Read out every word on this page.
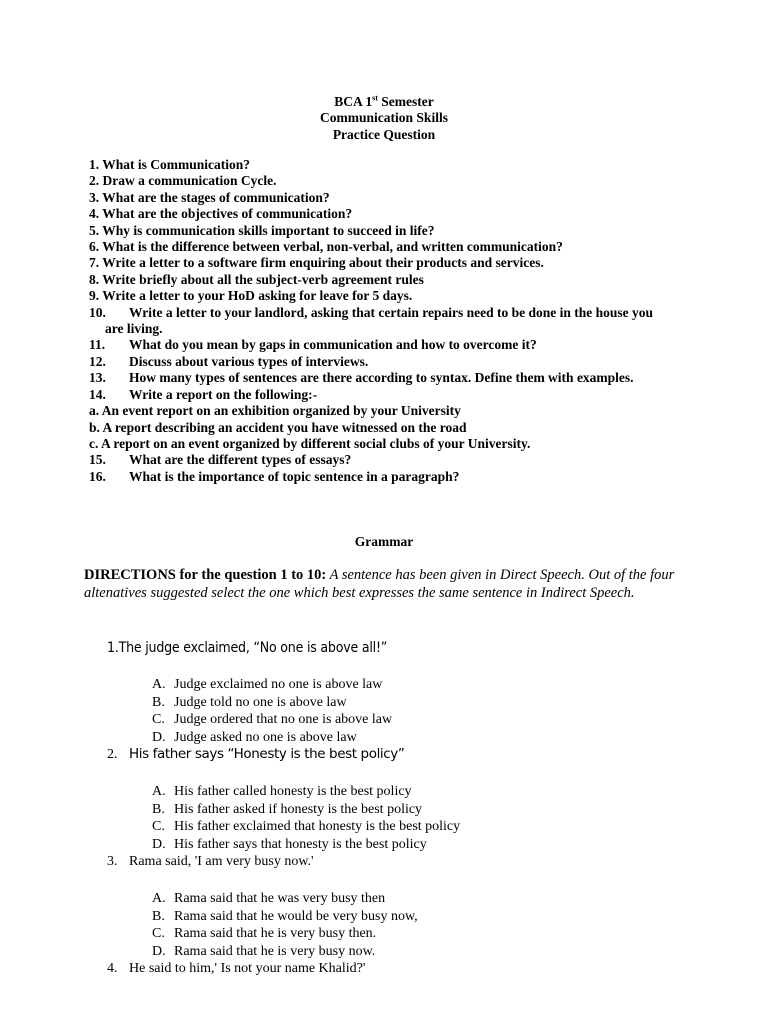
BCA 1st Semester
Communication Skills
Practice Question
1. What is Communication?
2. Draw a communication Cycle.
3. What are the stages of communication?
4. What are the objectives of communication?
5. Why is communication skills important to succeed in life?
6. What is the difference between verbal, non-verbal, and written communication?
7. Write a letter to a software firm enquiring about their products and services.
8. Write briefly about all the subject-verb agreement rules
9. Write a letter to your HoD asking for leave for 5 days.
10. Write a letter to your landlord, asking that certain repairs need to be done in the house you
are living.
11. What do you mean by gaps in communication and how to overcome it?
12. Discuss about various types of interviews.
13. How many types of sentences are there according to syntax. Define them with examples.
14. Write a report on the following:-
a. An event report on an exhibition organized by your University
b. A report describing an accident you have witnessed on the road
c. A report on an event organized by different social clubs of your University.
15. What are the different types of essays?
16. What is the importance of topic sentence in a paragraph?
Grammar
DIRECTIONS for the question 1 to 10: A sentence has been given in Direct Speech. Out of the four altenatives suggested select the one which best expresses the same sentence in Indirect Speech.
1.The judge exclaimed, “No one is above all!”
A. Judge exclaimed no one is above law
B. Judge told no one is above law
C. Judge ordered that no one is above law
D. Judge asked no one is above law
2. His father says “Honesty is the best policy”
A. His father called honesty is the best policy
B. His father asked if honesty is the best policy
C. His father exclaimed that honesty is the best policy
D. His father says that honesty is the best policy
3. Rama said, 'I am very busy now.'
A. Rama said that he was very busy then
B. Rama said that he would be very busy now,
C. Rama said that he is very busy then.
D. Rama said that he is very busy now.
4. He said to him,' Is not your name Khalid?'
